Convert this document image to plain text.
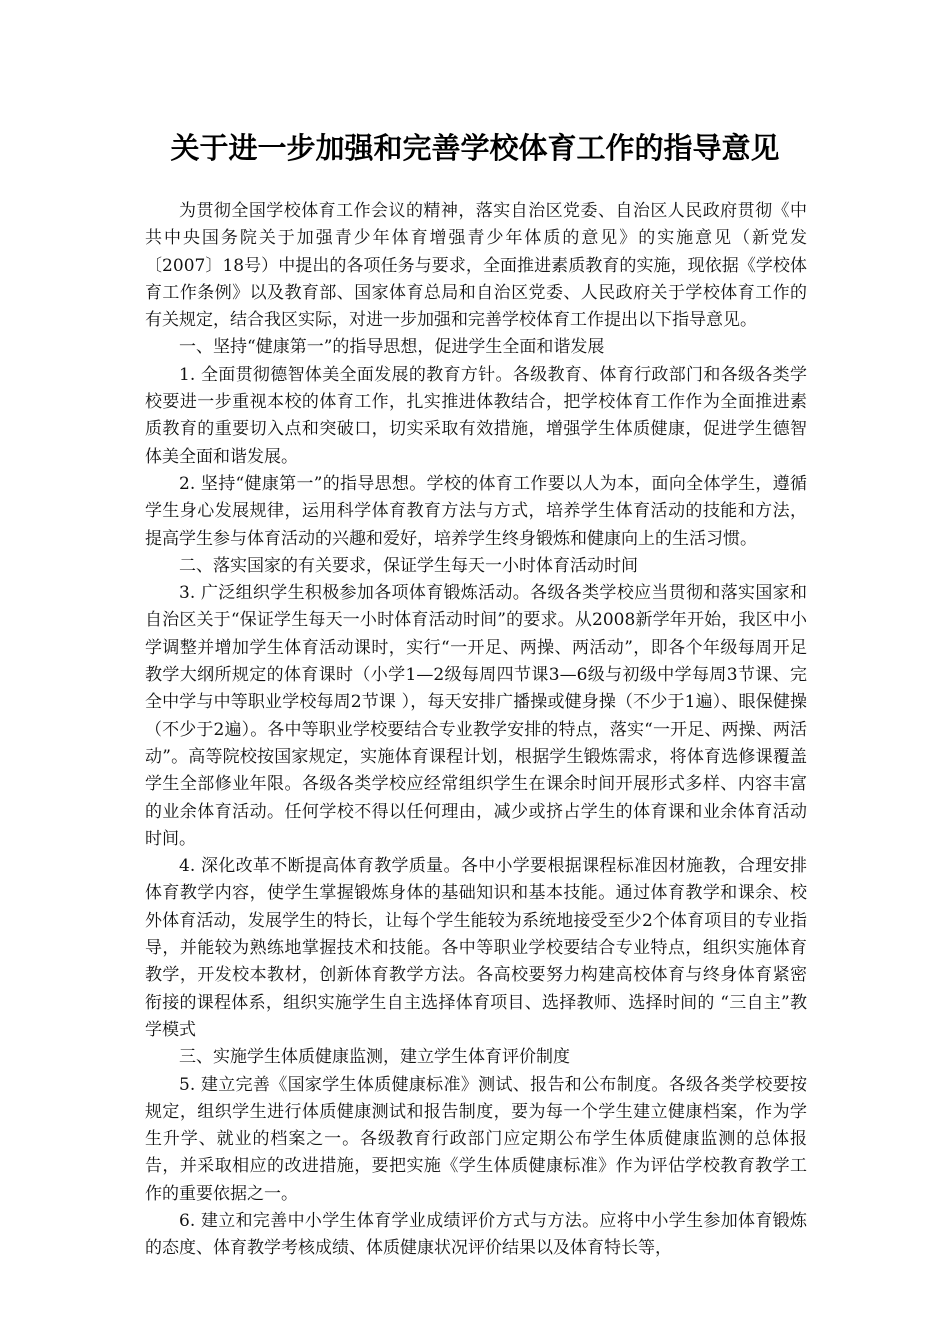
关于进一步加强和完善学校体育工作的指导意见

为贯彻全国学校体育工作会议的精神，落实自治区党委、自治区人民政府贯彻《中共中央国务院关于加强青少年体育增强青少年体质的意见》的实施意见（新党发〔2007〕18号）中提出的各项任务与要求，全面推进素质教育的实施，现依据《学校体育工作条例》以及教育部、国家体育总局和自治区党委、人民政府关于学校体育工作的有关规定，结合我区实际，对进一步加强和完善学校体育工作提出以下指导意见。

一、坚持“健康第一”的指导思想，促进学生全面和谐发展

1. 全面贯彻德智体美全面发展的教育方针。各级教育、体育行政部门和各级各类学校要进一步重视本校的体育工作，扎实推进体教结合，把学校体育工作作为全面推进素质教育的重要切入点和突破口，切实采取有效措施，增强学生体质健康，促进学生德智体美全面和谐发展。

2. 坚持“健康第一”的指导思想。学校的体育工作要以人为本，面向全体学生，遵循学生身心发展规律，运用科学体育教育方法与方式，培养学生体育活动的技能和方法，提高学生参与体育活动的兴趣和爱好，培养学生终身锻炼和健康向上的生活习惯。

二、落实国家的有关要求，保证学生每天一小时体育活动时间

3. 广泛组织学生积极参加各项体育锻炼活动。各级各类学校应当贯彻和落实国家和自治区关于“保证学生每天一小时体育活动时间”的要求。从2008新学年开始，我区中小学调整并增加学生体育活动课时，实行“一开足、两操、两活动”，即各个年级每周开足教学大纲所规定的体育课时（小学1—2级每周四节课3—6级与初级中学每周3节课、完全中学与中等职业学校每周2节课 ），每天安排广播操或健身操（不少于1遍）、眼保健操（不少于2遍）。各中等职业学校要结合专业教学安排的特点，落实“一开足、两操、两活动”。高等院校按国家规定，实施体育课程计划，根据学生锻炼需求，将体育选修课覆盖学生全部修业年限。各级各类学校应经常组织学生在课余时间开展形式多样、内容丰富的业余体育活动。任何学校不得以任何理由，减少或挤占学生的体育课和业余体育活动时间。

4. 深化改革不断提高体育教学质量。各中小学要根据课程标准因材施教，合理安排体育教学内容，使学生掌握锻炼身体的基础知识和基本技能。通过体育教学和课余、校外体育活动，发展学生的特长，让每个学生能较为系统地接受至少2个体育项目的专业指导，并能较为熟练地掌握技术和技能。各中等职业学校要结合专业特点，组织实施体育教学，开发校本教材，创新体育教学方法。各高校要努力构建高校体育与终身体育紧密衔接的课程体系，组织实施学生自主选择体育项目、选择教师、选择时间的 “三自主”教学模式

三、实施学生体质健康监测，建立学生体育评价制度

5. 建立完善《国家学生体质健康标准》测试、报告和公布制度。各级各类学校要按规定，组织学生进行体质健康测试和报告制度，要为每一个学生建立健康档案，作为学生升学、就业的档案之一。各级教育行政部门应定期公布学生体质健康监测的总体报告，并采取相应的改进措施，要把实施《学生体质健康标准》作为评估学校教育教学工作的重要依据之一。

6. 建立和完善中小学生体育学业成绩评价方式与方法。应将中小学生参加体育锻炼的态度、体育教学考核成绩、体质健康状况评价结果以及体育特长等，
